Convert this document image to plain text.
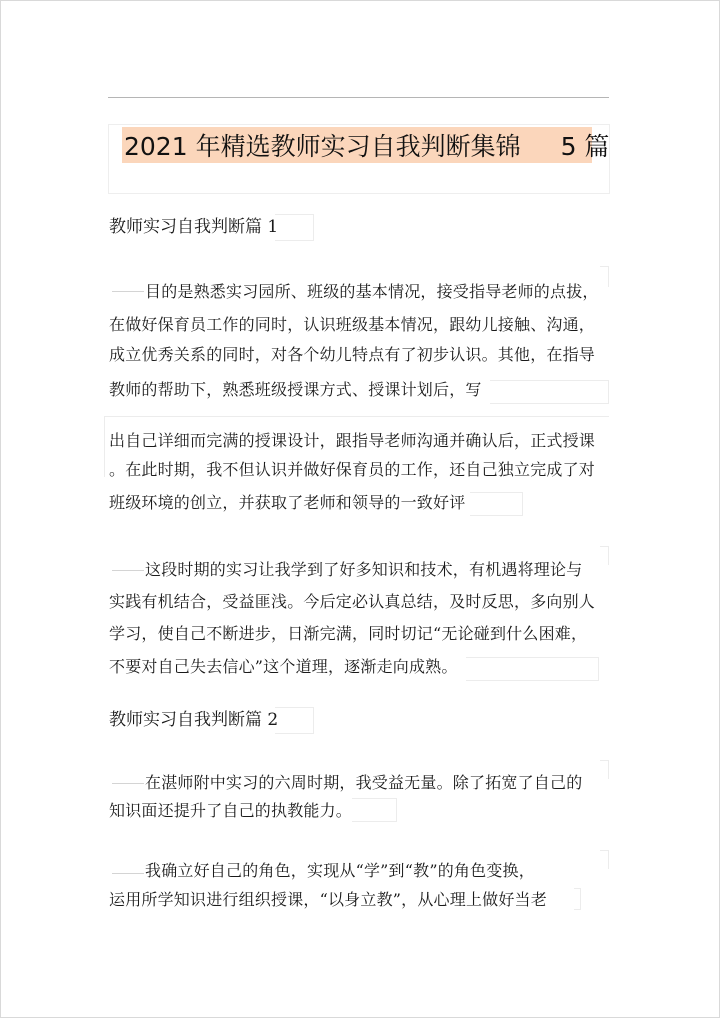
2021 年精选教师实习自我判断集锦 5 篇
教师实习自我判断篇 1

目的是熟悉实习园所、班级的基本情况，接受指导老师的点拔，

在做好保育员工作的同时，认识班级基本情况，跟幼儿接触、沟通，

成立优秀关系的同时，对各个幼儿特点有了初步认识。其他，在指导

教师的帮助下，熟悉班级授课方式、授课计划后，写

出自己详细而完满的授课设计，跟指导老师沟通并确认后，正式授课

。在此时期，我不但认识并做好保育员的工作，还自己独立完成了对

班级环境的创立，并获取了老师和领导的一致好评

这段时期的实习让我学到了好多知识和技术，有机遇将理论与

实践有机结合，受益匪浅。今后定必认真总结，及时反思，多向别人

学习，使自己不断进步，日渐完满，同时切记“无论碰到什么困难，

不要对自己失去信心”这个道理，逐渐走向成熟。

教师实习自我判断篇 2

在湛师附中实习的六周时期，我受益无量。除了拓宽了自己的

知识面还提升了自己的执教能力。

我确立好自己的角色，实现从“学”到“教”的角色变换，

运用所学知识进行组织授课，“以身立教”，从心理上做好当老
